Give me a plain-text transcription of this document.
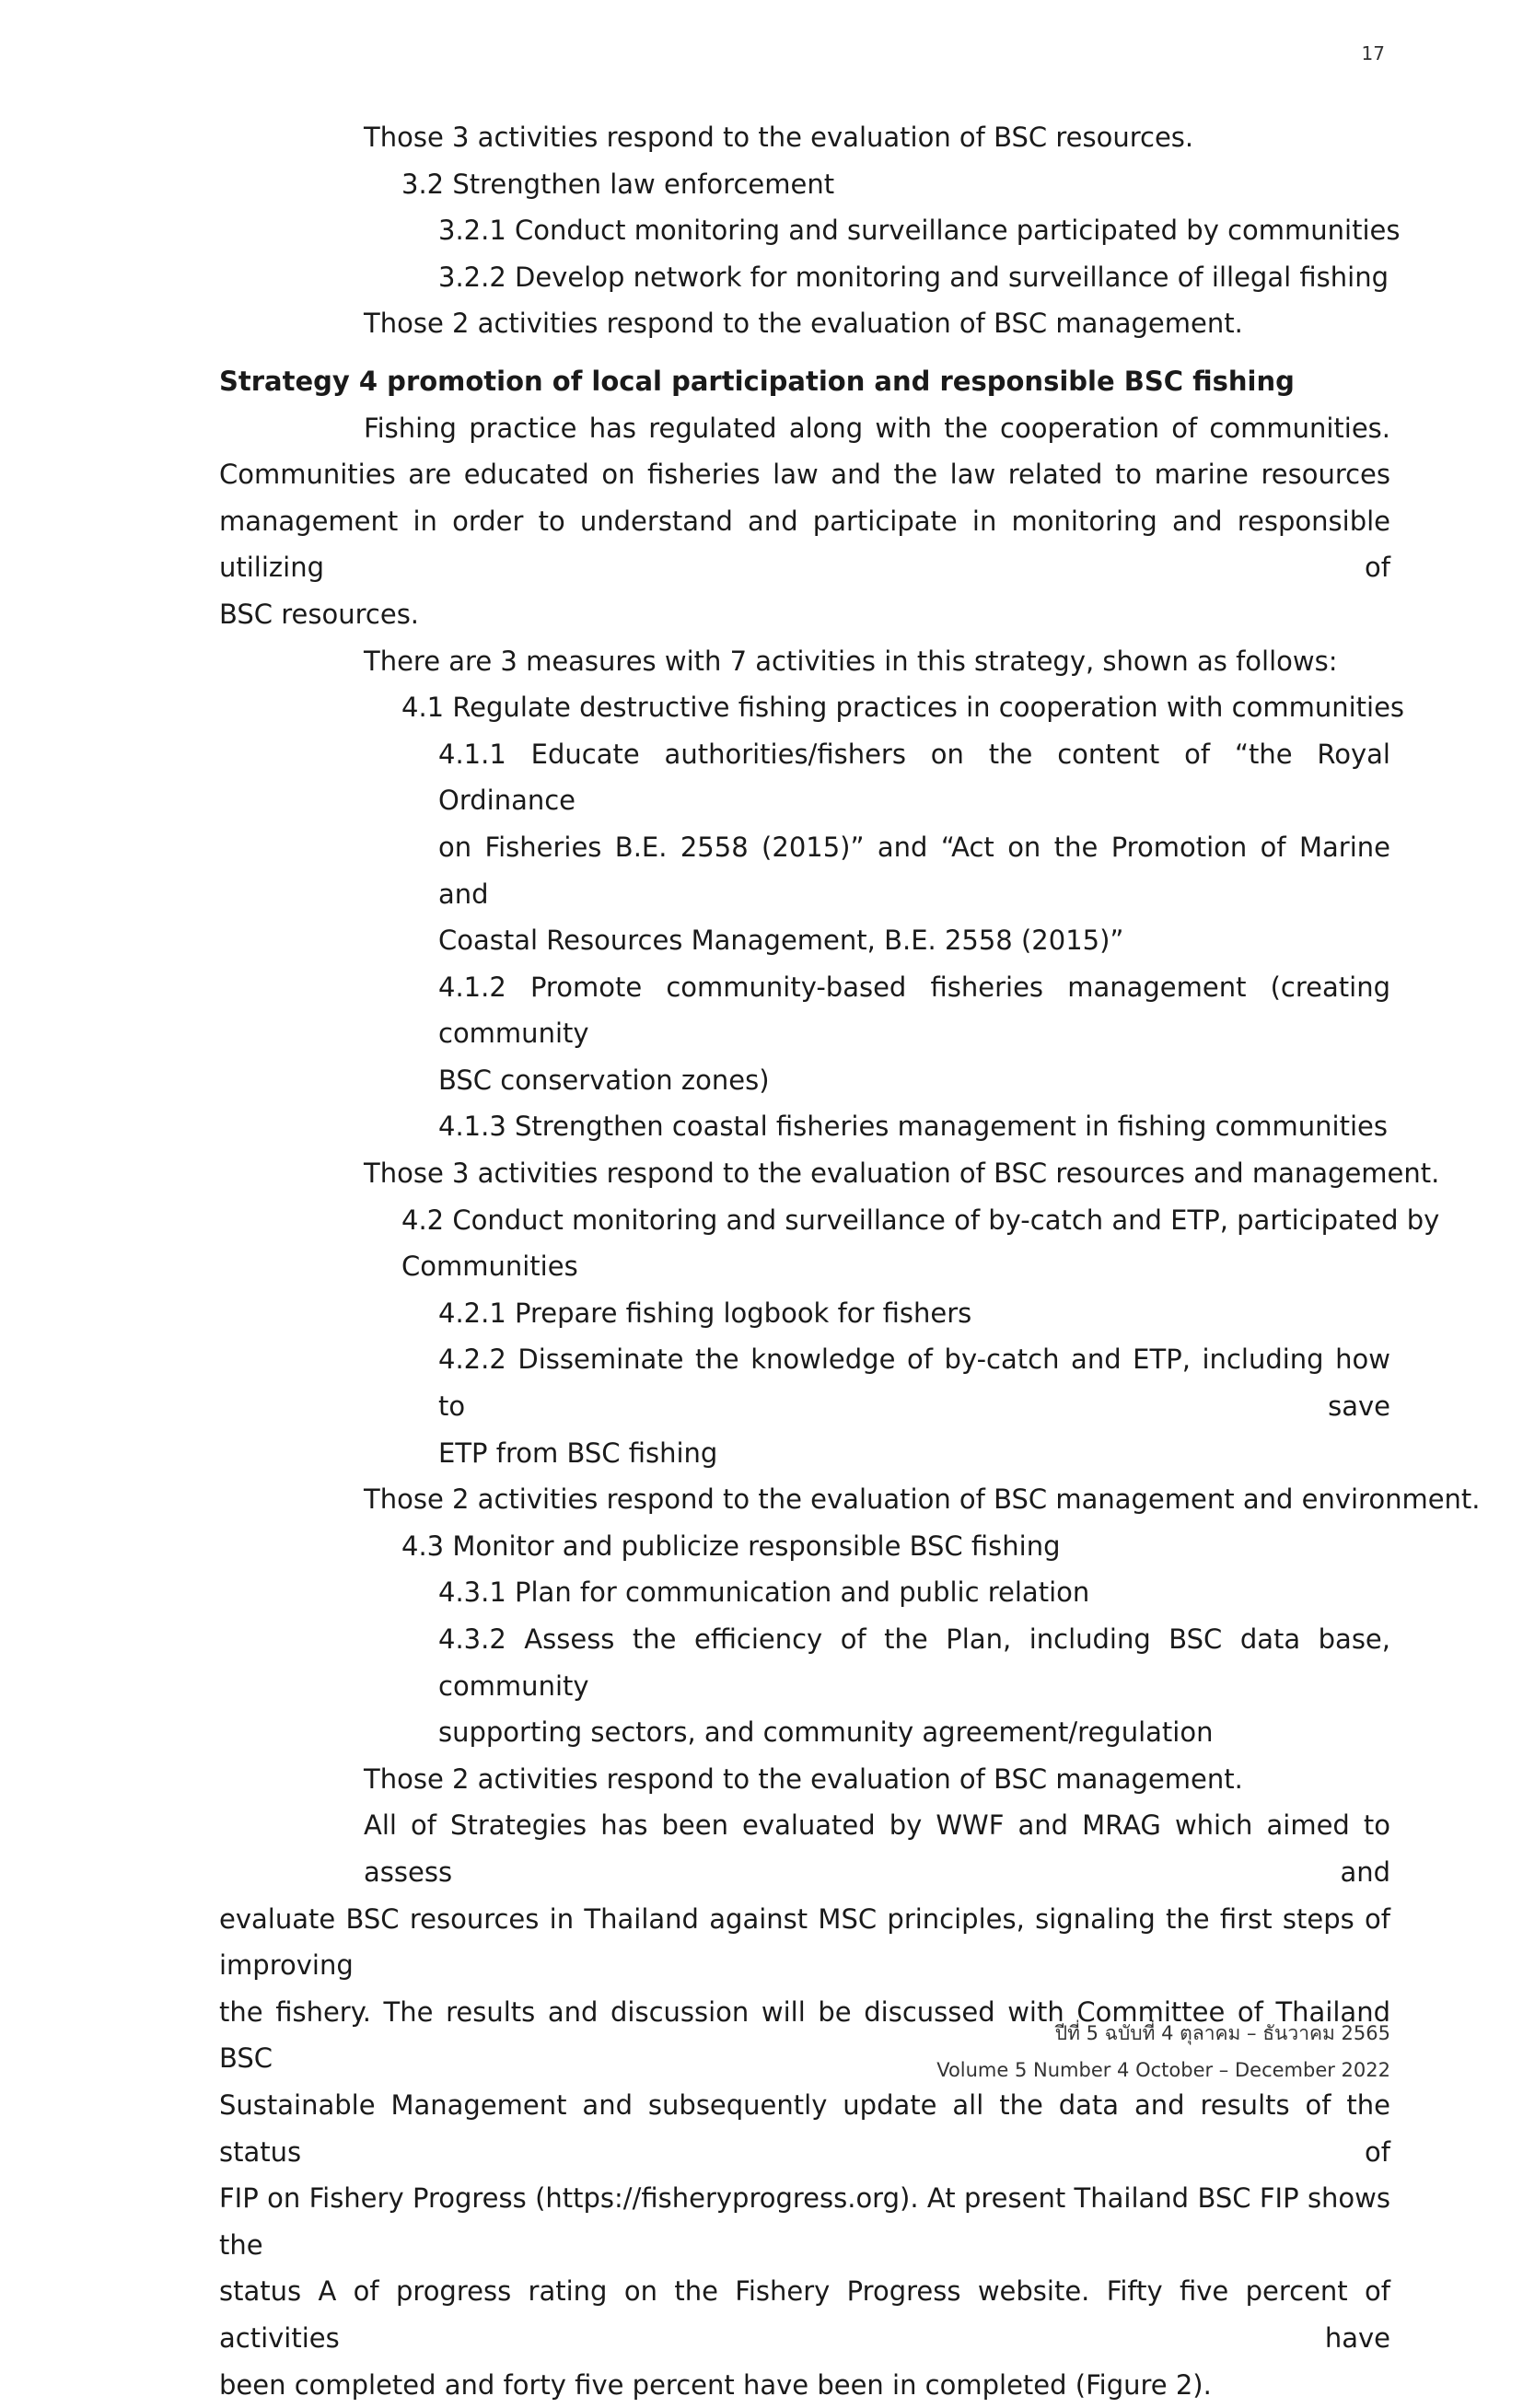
17
Those 3 activities respond to the evaluation of BSC resources.
3.2 Strengthen law enforcement
3.2.1 Conduct monitoring and surveillance participated by communities
3.2.2 Develop network for monitoring and surveillance of illegal fishing
Those 2 activities respond to the evaluation of BSC management.
Strategy 4 promotion of local participation and responsible BSC fishing
Fishing practice has regulated along with the cooperation of communities.
Communities are educated on fisheries law and the law related to marine resources
management in order to understand and participate in monitoring and responsible utilizing of
BSC resources.
There are 3 measures with 7 activities in this strategy, shown as follows:
4.1 Regulate destructive fishing practices in cooperation with communities
4.1.1 Educate authorities/fishers on the content of “the Royal Ordinance
on Fisheries B.E. 2558 (2015)” and “Act on the Promotion of Marine and
Coastal Resources Management, B.E. 2558 (2015)”
4.1.2 Promote community-based fisheries management (creating community
BSC conservation zones)
4.1.3 Strengthen coastal fisheries management in fishing communities
Those 3 activities respond to the evaluation of BSC resources and management.
4.2 Conduct monitoring and surveillance of by-catch and ETP, participated by
Communities
4.2.1 Prepare fishing logbook for fishers
4.2.2 Disseminate the knowledge of by-catch and ETP, including how to save
ETP from BSC fishing
Those 2 activities respond to the evaluation of BSC management and environment.
4.3 Monitor and publicize responsible BSC fishing
4.3.1 Plan for communication and public relation
4.3.2 Assess the efficiency of the Plan, including BSC data base, community
supporting sectors, and community agreement/regulation
Those 2 activities respond to the evaluation of BSC management.
All of Strategies has been evaluated by WWF and MRAG which aimed to assess and
evaluate BSC resources in Thailand against MSC principles, signaling the first steps of improving
the fishery. The results and discussion will be discussed with Committee of Thailand BSC
Sustainable Management and subsequently update all the data and results of the status of
FIP on Fishery Progress (https://fisheryprogress.org). At present Thailand BSC FIP shows the
status A of progress rating on the Fishery Progress website. Fifty five percent of activities have
been completed and forty five percent have been in completed (Figure 2).
ปีที่ 5 ฉบับที่ 4 ตุลาคม – ธันวาคม 2565
Volume 5 Number 4 October – December 2022
